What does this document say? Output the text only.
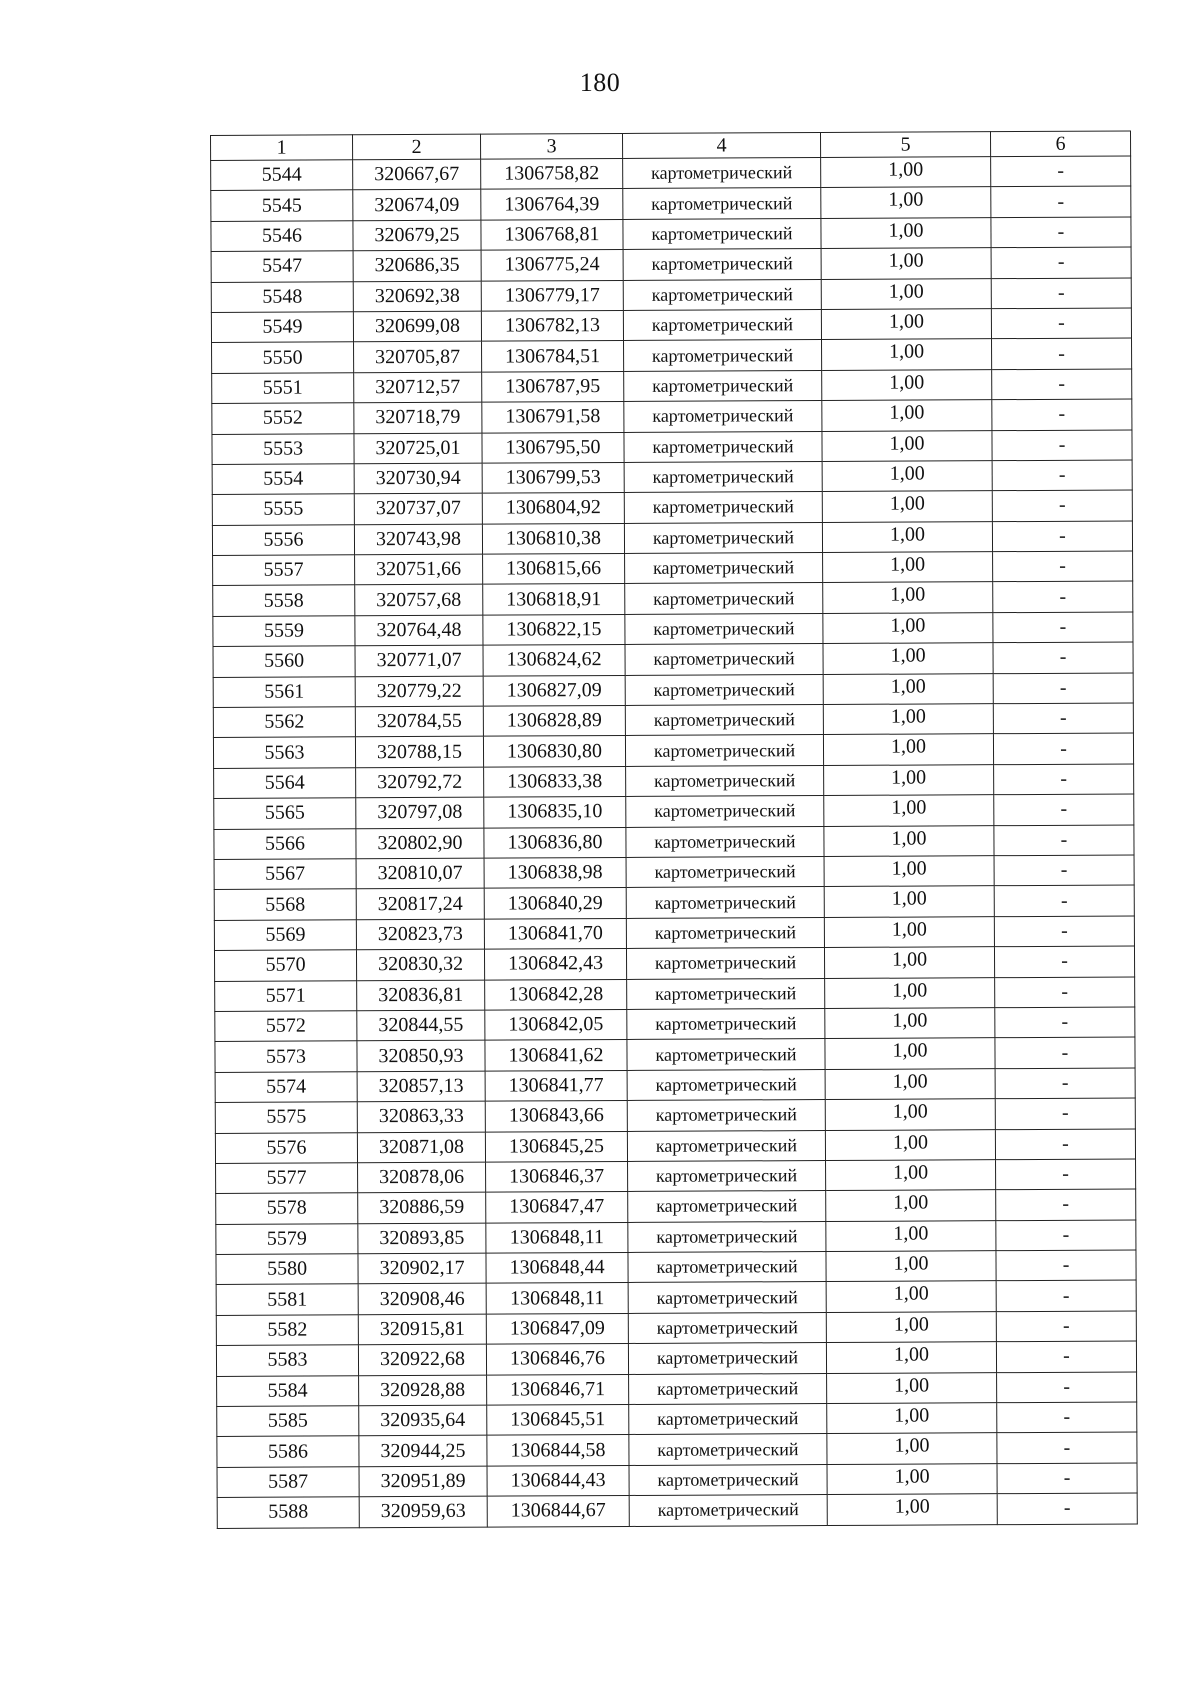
180
1	2	3	4	5	6
5544	320667,67	1306758,82	картометрический	1,00	-
5545	320674,09	1306764,39	картометрический	1,00	-
5546	320679,25	1306768,81	картометрический	1,00	-
5547	320686,35	1306775,24	картометрический	1,00	-
5548	320692,38	1306779,17	картометрический	1,00	-
5549	320699,08	1306782,13	картометрический	1,00	-
5550	320705,87	1306784,51	картометрический	1,00	-
5551	320712,57	1306787,95	картометрический	1,00	-
5552	320718,79	1306791,58	картометрический	1,00	-
5553	320725,01	1306795,50	картометрический	1,00	-
5554	320730,94	1306799,53	картометрический	1,00	-
5555	320737,07	1306804,92	картометрический	1,00	-
5556	320743,98	1306810,38	картометрический	1,00	-
5557	320751,66	1306815,66	картометрический	1,00	-
5558	320757,68	1306818,91	картометрический	1,00	-
5559	320764,48	1306822,15	картометрический	1,00	-
5560	320771,07	1306824,62	картометрический	1,00	-
5561	320779,22	1306827,09	картометрический	1,00	-
5562	320784,55	1306828,89	картометрический	1,00	-
5563	320788,15	1306830,80	картометрический	1,00	-
5564	320792,72	1306833,38	картометрический	1,00	-
5565	320797,08	1306835,10	картометрический	1,00	-
5566	320802,90	1306836,80	картометрический	1,00	-
5567	320810,07	1306838,98	картометрический	1,00	-
5568	320817,24	1306840,29	картометрический	1,00	-
5569	320823,73	1306841,70	картометрический	1,00	-
5570	320830,32	1306842,43	картометрический	1,00	-
5571	320836,81	1306842,28	картометрический	1,00	-
5572	320844,55	1306842,05	картометрический	1,00	-
5573	320850,93	1306841,62	картометрический	1,00	-
5574	320857,13	1306841,77	картометрический	1,00	-
5575	320863,33	1306843,66	картометрический	1,00	-
5576	320871,08	1306845,25	картометрический	1,00	-
5577	320878,06	1306846,37	картометрический	1,00	-
5578	320886,59	1306847,47	картометрический	1,00	-
5579	320893,85	1306848,11	картометрический	1,00	-
5580	320902,17	1306848,44	картометрический	1,00	-
5581	320908,46	1306848,11	картометрический	1,00	-
5582	320915,81	1306847,09	картометрический	1,00	-
5583	320922,68	1306846,76	картометрический	1,00	-
5584	320928,88	1306846,71	картометрический	1,00	-
5585	320935,64	1306845,51	картометрический	1,00	-
5586	320944,25	1306844,58	картометрический	1,00	-
5587	320951,89	1306844,43	картометрический	1,00	-
5588	320959,63	1306844,67	картометрический	1,00	-
